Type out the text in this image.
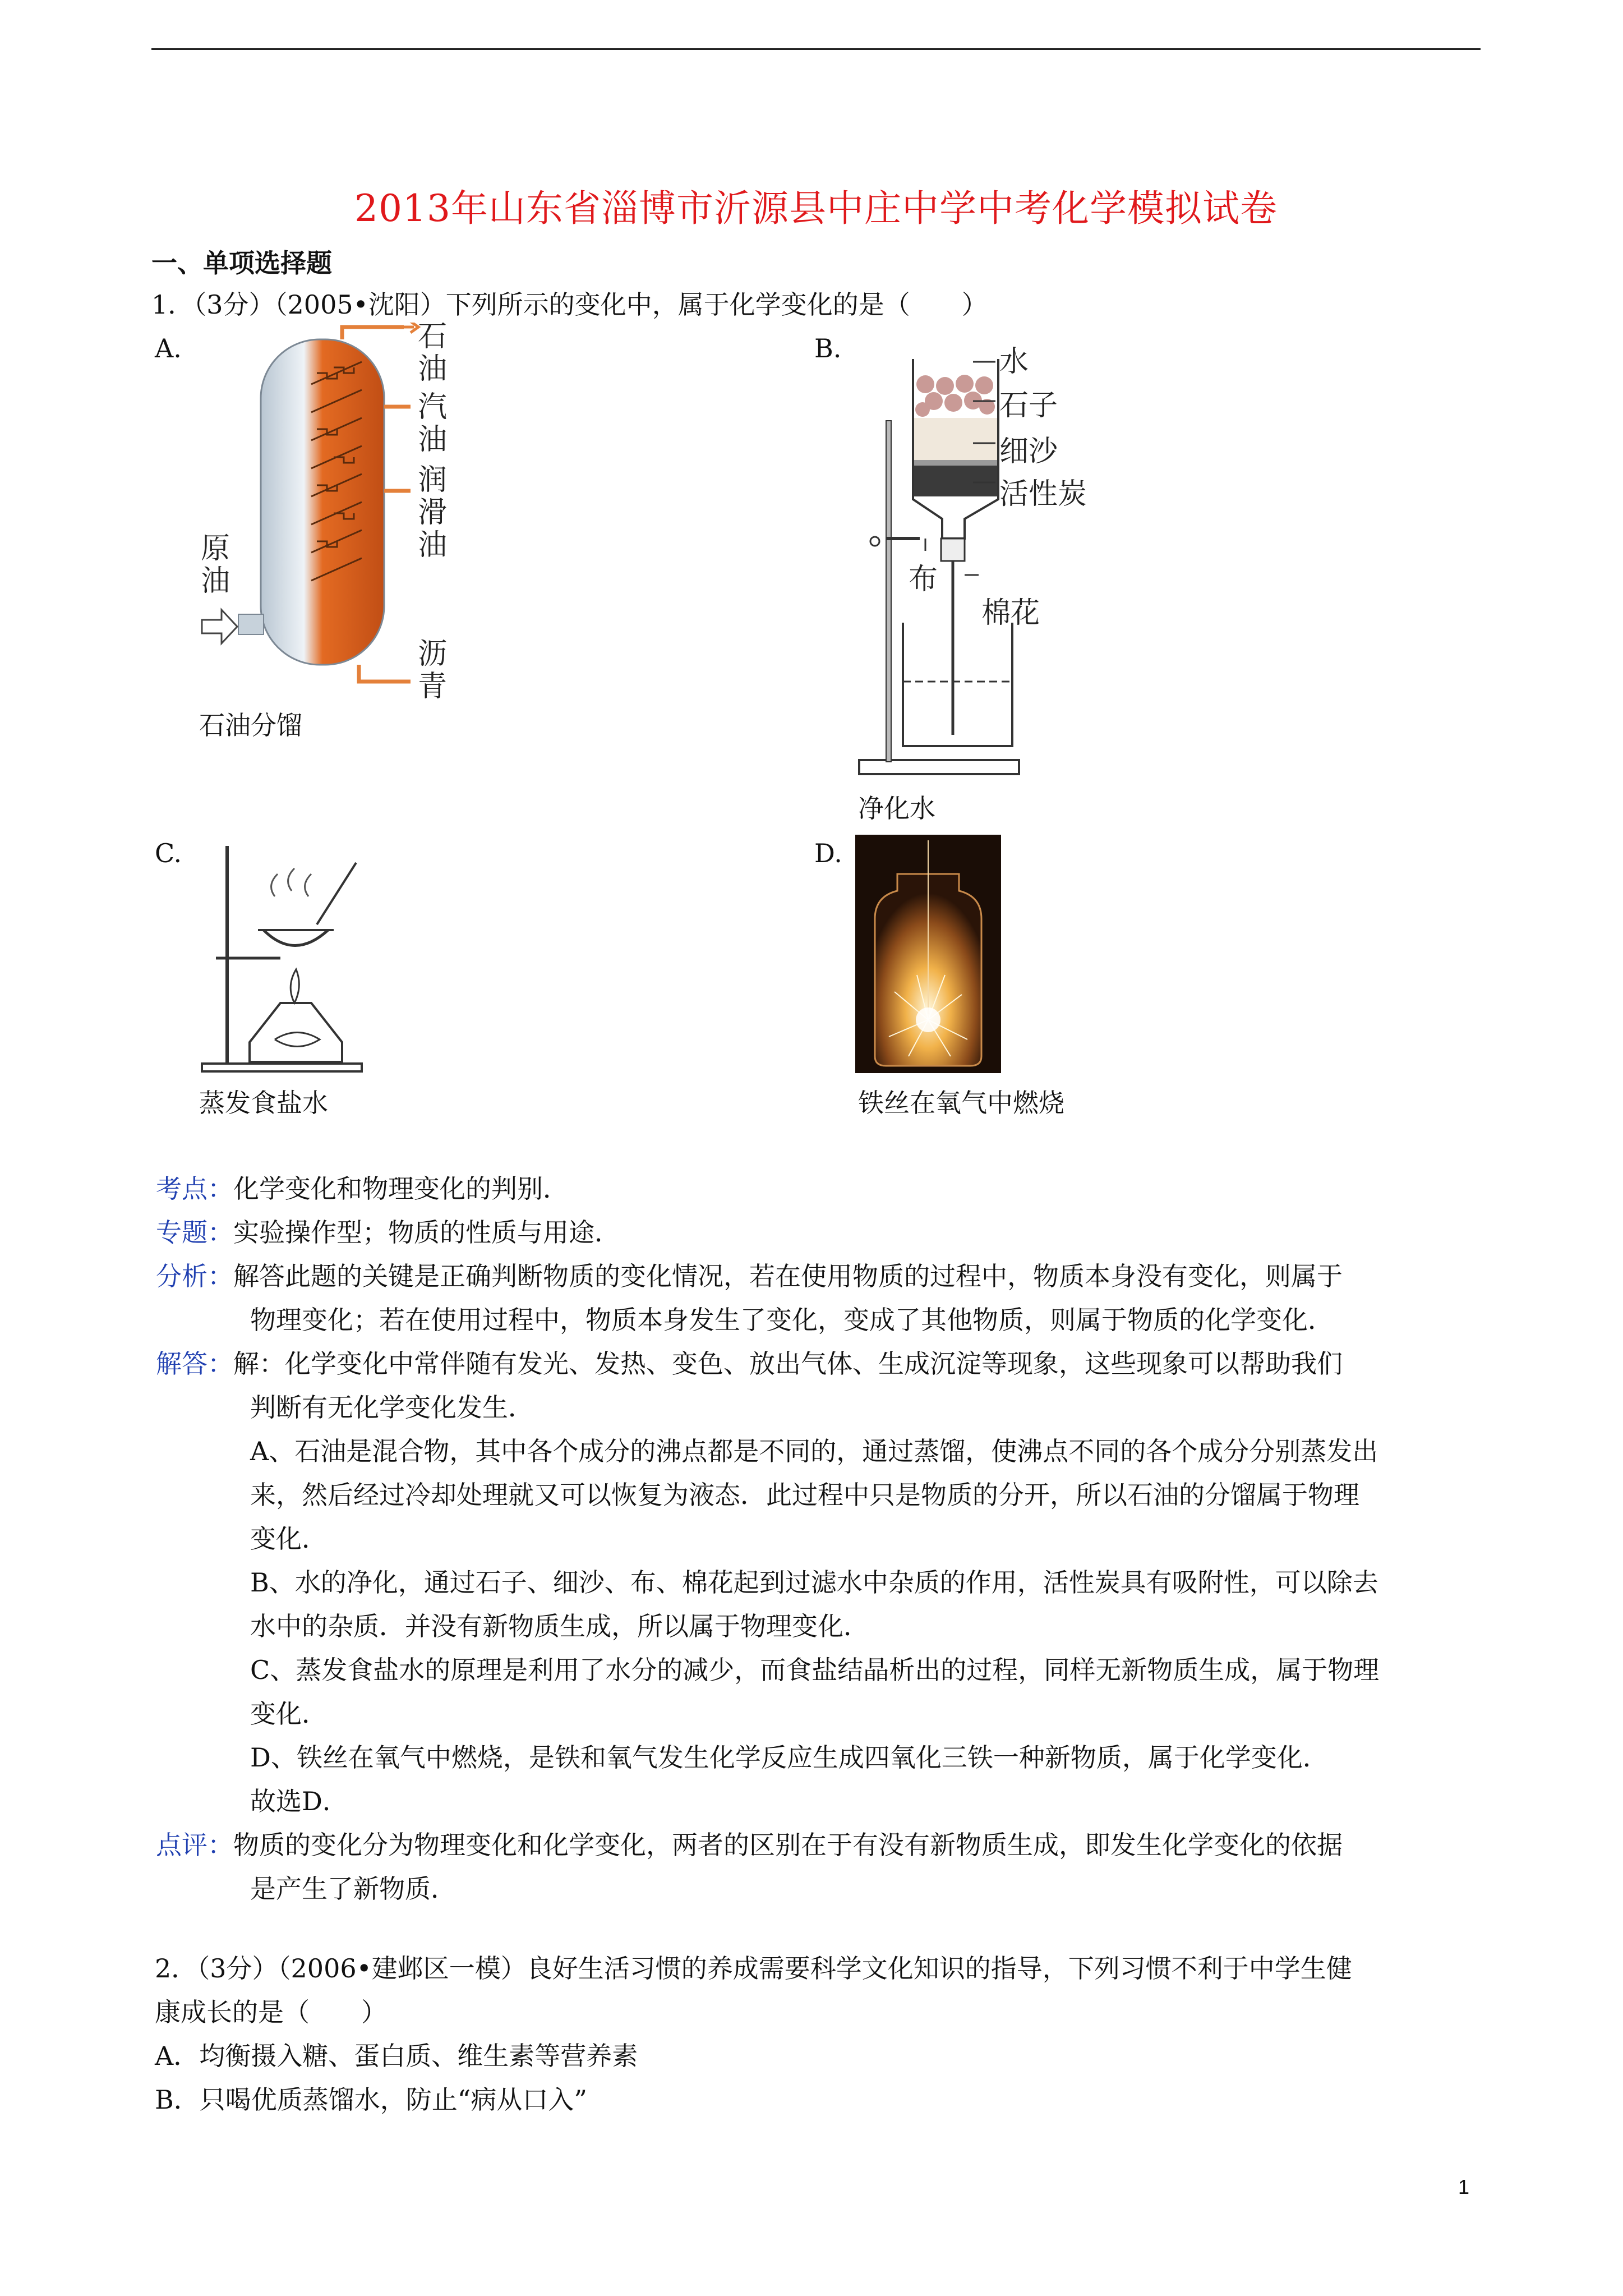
2013年山东省淄博市沂源县中庄中学中考化学模拟试卷
一、单项选择题
1．（3分）（2005•沈阳）下列所示的变化中，属于化学变化的是（　　）
A.	石
油
汽
油
润
滑
油
原
油
沥
青
石油分馏
B.	水
石子
细沙
活性炭
布
棉花
净化水
C.
蒸发食盐水
D.
铁丝在氧气中燃烧
考点：化学变化和物理变化的判别．
专题：实验操作型；物质的性质与用途．
分析：解答此题的关键是正确判断物质的变化情况，若在使用物质的过程中，物质本身没有变化，则属于
物理变化；若在使用过程中，物质本身发生了变化，变成了其他物质，则属于物质的化学变化．
解答：解：化学变化中常伴随有发光、发热、变色、放出气体、生成沉淀等现象，这些现象可以帮助我们
判断有无化学变化发生．
A、石油是混合物，其中各个成分的沸点都是不同的，通过蒸馏，使沸点不同的各个成分分别蒸发出
来，然后经过冷却处理就又可以恢复为液态．此过程中只是物质的分开，所以石油的分馏属于物理
变化．
B、水的净化，通过石子、细沙、布、棉花起到过滤水中杂质的作用，活性炭具有吸附性，可以除去
水中的杂质．并没有新物质生成，所以属于物理变化．
C、蒸发食盐水的原理是利用了水分的减少，而食盐结晶析出的过程，同样无新物质生成，属于物理
变化．
D、铁丝在氧气中燃烧，是铁和氧气发生化学反应生成四氧化三铁一种新物质，属于化学变化．
故选D．
点评：物质的变化分为物理变化和化学变化，两者的区别在于有没有新物质生成，即发生化学变化的依据
是产生了新物质．
2．（3分）（2006•建邺区一模）良好生活习惯的养成需要科学文化知识的指导，下列习惯不利于中学生健
康成长的是（　　）
A．均衡摄入糖、蛋白质、维生素等营养素
B．只喝优质蒸馏水，防止“病从口入”
1
